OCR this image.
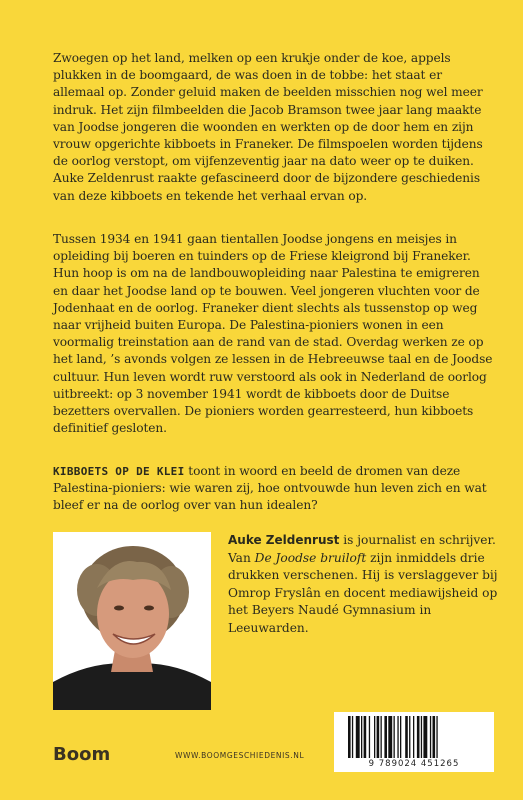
Zwoegen op het land, melken op een krukje onder de koe, appels plukken in de boomgaard, de was doen in de tobbe: het staat er allemaal op. Zonder geluid maken de beelden misschien nog wel meer indruk. Het zijn filmbeelden die Jacob Bramson twee jaar lang maakte van Joodse jongeren die woonden en werkten op de door hem en zijn vrouw opgerichte kibboets in Franeker. De filmspoelen worden tijdens de oorlog verstopt, om vijfenzeventig jaar na dato weer op te duiken. Auke Zeldenrust raakte gefascineerd door de bijzondere geschiedenis van deze kibboets en tekende het verhaal ervan op.

Tussen 1934 en 1941 gaan tientallen Joodse jongens en meisjes in opleiding bij boeren en tuinders op de Friese kleigrond bij Franeker. Hun hoop is om na de landbouwopleiding naar Palestina te emigreren en daar het Joodse land op te bouwen. Veel jongeren vluchten voor de Jodenhaat en de oorlog. Franeker dient slechts als tussenstop op weg naar vrijheid buiten Europa. De Palestina-pioniers wonen in een voormalig treinstation aan de rand van de stad. Overdag werken ze op het land, ’s avonds volgen ze lessen in de Hebreeuwse taal en de Joodse cultuur. Hun leven wordt ruw verstoord als ook in Nederland de oorlog uitbreekt: op 3 november 1941 wordt de kibboets door de Duitse bezetters overvallen. De pioniers worden gearresteerd, hun kibboets definitief gesloten.

KIBBOETS OP DE KLEI toont in woord en beeld de dromen van deze Palestina-pioniers: wie waren zij, hoe ontvouwde hun leven zich en wat bleef er na de oorlog over van hun idealen?

Auke Zeldenrust is journalist en schrijver. Van De Joodse bruiloft zijn inmiddels drie drukken verschenen. Hij is verslaggever bij Omrop Fryslân en docent mediawijsheid op het Beyers Naudé Gymnasium in Leeuwarden.

Boom	WWW.BOOMGESCHIEDENIS.NL
9 789024 451265
